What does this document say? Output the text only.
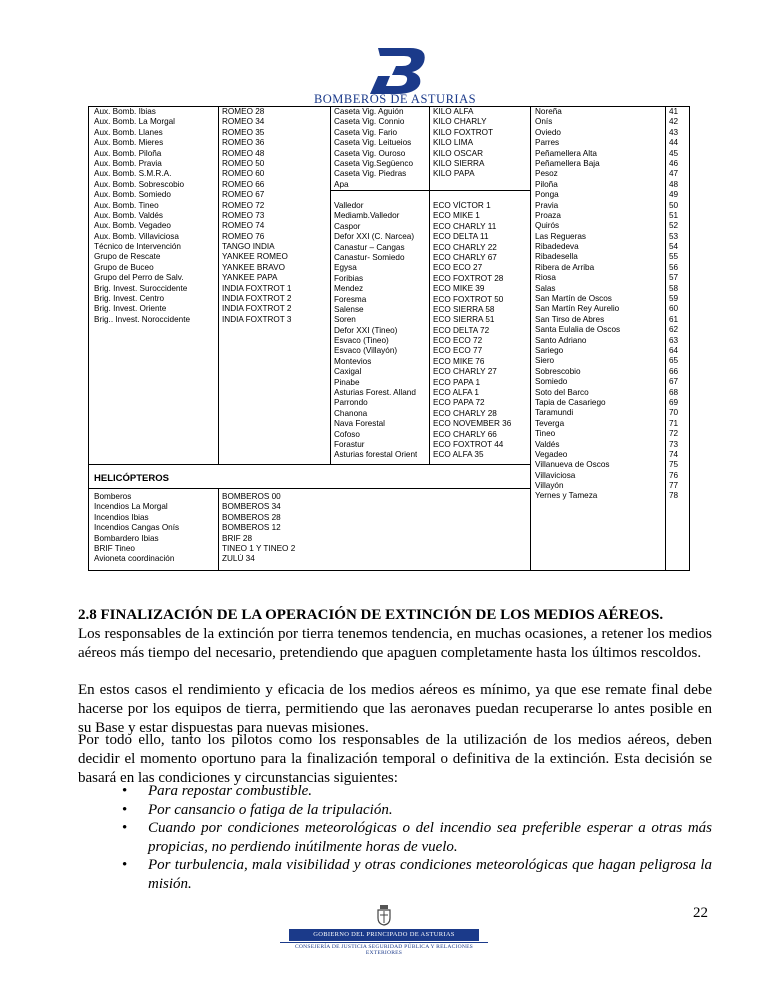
BOMBEROS DE ASTURIAS
Aux. Bomb. Ibias
Aux. Bomb. La Morgal
Aux. Bomb. Llanes
Aux. Bomb. Mieres
Aux. Bomb. Piloña
Aux. Bomb. Pravia
Aux. Bomb. S.M.R.A.
Aux. Bomb. Sobrescobio
Aux. Bomb. Somiedo
Aux. Bomb. Tineo
Aux. Bomb. Valdés
Aux. Bomb. Vegadeo
Aux. Bomb. Villaviciosa
Técnico de Intervención
Grupo de Rescate
Grupo de Buceo
Grupo del Perro de Salv.
Brig. Invest. Suroccidente
Brig. Invest. Centro
Brig. Invest. Oriente
Brig.. Invest. Noroccidente
ROMEO 28
ROMEO 34
ROMEO 35
ROMEO 36
ROMEO 48
ROMEO 50
ROMEO 60
ROMEO 66
ROMEO 67
ROMEO 72
ROMEO 73
ROMEO 74
ROMEO 76
TANGO INDIA
YANKEE ROMEO
YANKEE BRAVO
YANKEE PAPA
INDIA FOXTROT 1
INDIA FOXTROT 2
INDIA FOXTROT 2
INDIA FOXTROT 3
Caseta Vig. Aguión
Caseta Vig. Connio
Caseta Vig. Fario
Caseta Vig. Leitueios
Caseta Vig. Ouroso
Caseta Vig.Següenco
Caseta Vig. Piedras
Apa
KILO ALFA
KILO CHARLY
KILO FOXTROT
KILO LIMA
KILO OSCAR
KILO SIERRA
KILO PAPA
Valledor
Mediamb.Valledor
Caspor
Defor XXI (C. Narcea)
Canastur – Cangas
Canastur- Somiedo
Egysa
Foribias
Mendez
Foresma
Salense
Soren
Defor XXI (Tineo)
Esvaco (Tineo)
Esvaco (Villayón)
Montevios
Caxigal
Pinabe
Asturias Forest. Alland
Parrondo
Chanona
Nava Forestal
Cofoso
Forastur
Asturias forestal Orient
ECO VÍCTOR 1
ECO MIKE 1
ECO CHARLY 11
ECO DELTA 11
ECO CHARLY 22
ECO CHARLY 67
ECO ECO 27
ECO FOXTROT 28
ECO MIKE 39
ECO FOXTROT 50
ECO SIERRA 58
ECO SIERRA 51
ECO DELTA 72
ECO ECO 72
ECO ECO 77
ECO MIKE 76
ECO CHARLY 27
ECO PAPA 1
ECO ALFA 1
ECO PAPA 72
ECO CHARLY 28
ECO NOVEMBER 36
ECO CHARLY 66
ECO FOXTROT 44
ECO ALFA 35
Noreña
Onís
Oviedo
Parres
Peñamellera Alta
Peñamellera Baja
Pesoz
Piloña
Ponga
Pravia
Proaza
Quirós
Las Regueras
Ribadedeva
Ribadesella
Ribera de Arriba
Riosa
Salas
San Martín de Oscos
San Martín Rey Aurelio
San Tirso de Abres
Santa Eulalia de Oscos
Santo Adriano
Sariego
Siero
Sobrescobio
Somiedo
Soto del Barco
Tapia de Casariego
Taramundi
Teverga
Tineo
Valdés
Vegadeo
Villanueva de Oscos
Villaviciosa
Villayón
Yernes y Tameza
41
42
43
44
45
46
47
48
49
50
51
52
53
54
55
56
57
58
59
60
61
62
63
64
65
66
67
68
69
70
71
72
73
74
75
76
77
78
HELICÓPTEROS
Bomberos
Incendios La Morgal
Incendios Ibias
Incendios Cangas Onís
Bombardero Ibias
BRIF Tineo
Avioneta coordinación
BOMBEROS 00
BOMBEROS 34
BOMBEROS 28
BOMBEROS 12
BRIF 28
TINEO 1 Y TINEO 2
ZULÚ 34
2.8 FINALIZACIÓN DE LA OPERACIÓN DE EXTINCIÓN DE LOS MEDIOS AÉREOS.
Los responsables de la extinción por tierra tenemos tendencia, en muchas ocasiones, a retener los medios aéreos más tiempo del necesario, pretendiendo que apaguen completamente hasta los últimos rescoldos.
En estos casos el rendimiento y eficacia de los medios aéreos es mínimo, ya que ese remate final debe hacerse por los equipos de tierra, permitiendo que las aeronaves puedan recuperarse lo antes posible en su Base y estar dispuestas para nuevas misiones.
Por todo ello, tanto los pilotos como los responsables de la utilización de los medios aéreos, deben decidir el momento oportuno para la finalización temporal o definitiva de la extinción. Esta decisión se basará en las condiciones y circunstancias siguientes:
• Para repostar combustible.
• Por cansancio o fatiga de la tripulación.
• Cuando por condiciones meteorológicas o del incendio sea preferible esperar a otras más propicias, no perdiendo inútilmente horas de vuelo.
• Por turbulencia, mala visibilidad y otras condiciones meteorológicas que hagan peligrosa la misión.
22
GOBIERNO DEL PRINCIPADO DE ASTURIAS
CONSEJERÍA DE JUSTICIA SEGURIDAD PÚBLICA Y RELACIONES EXTERIORES
